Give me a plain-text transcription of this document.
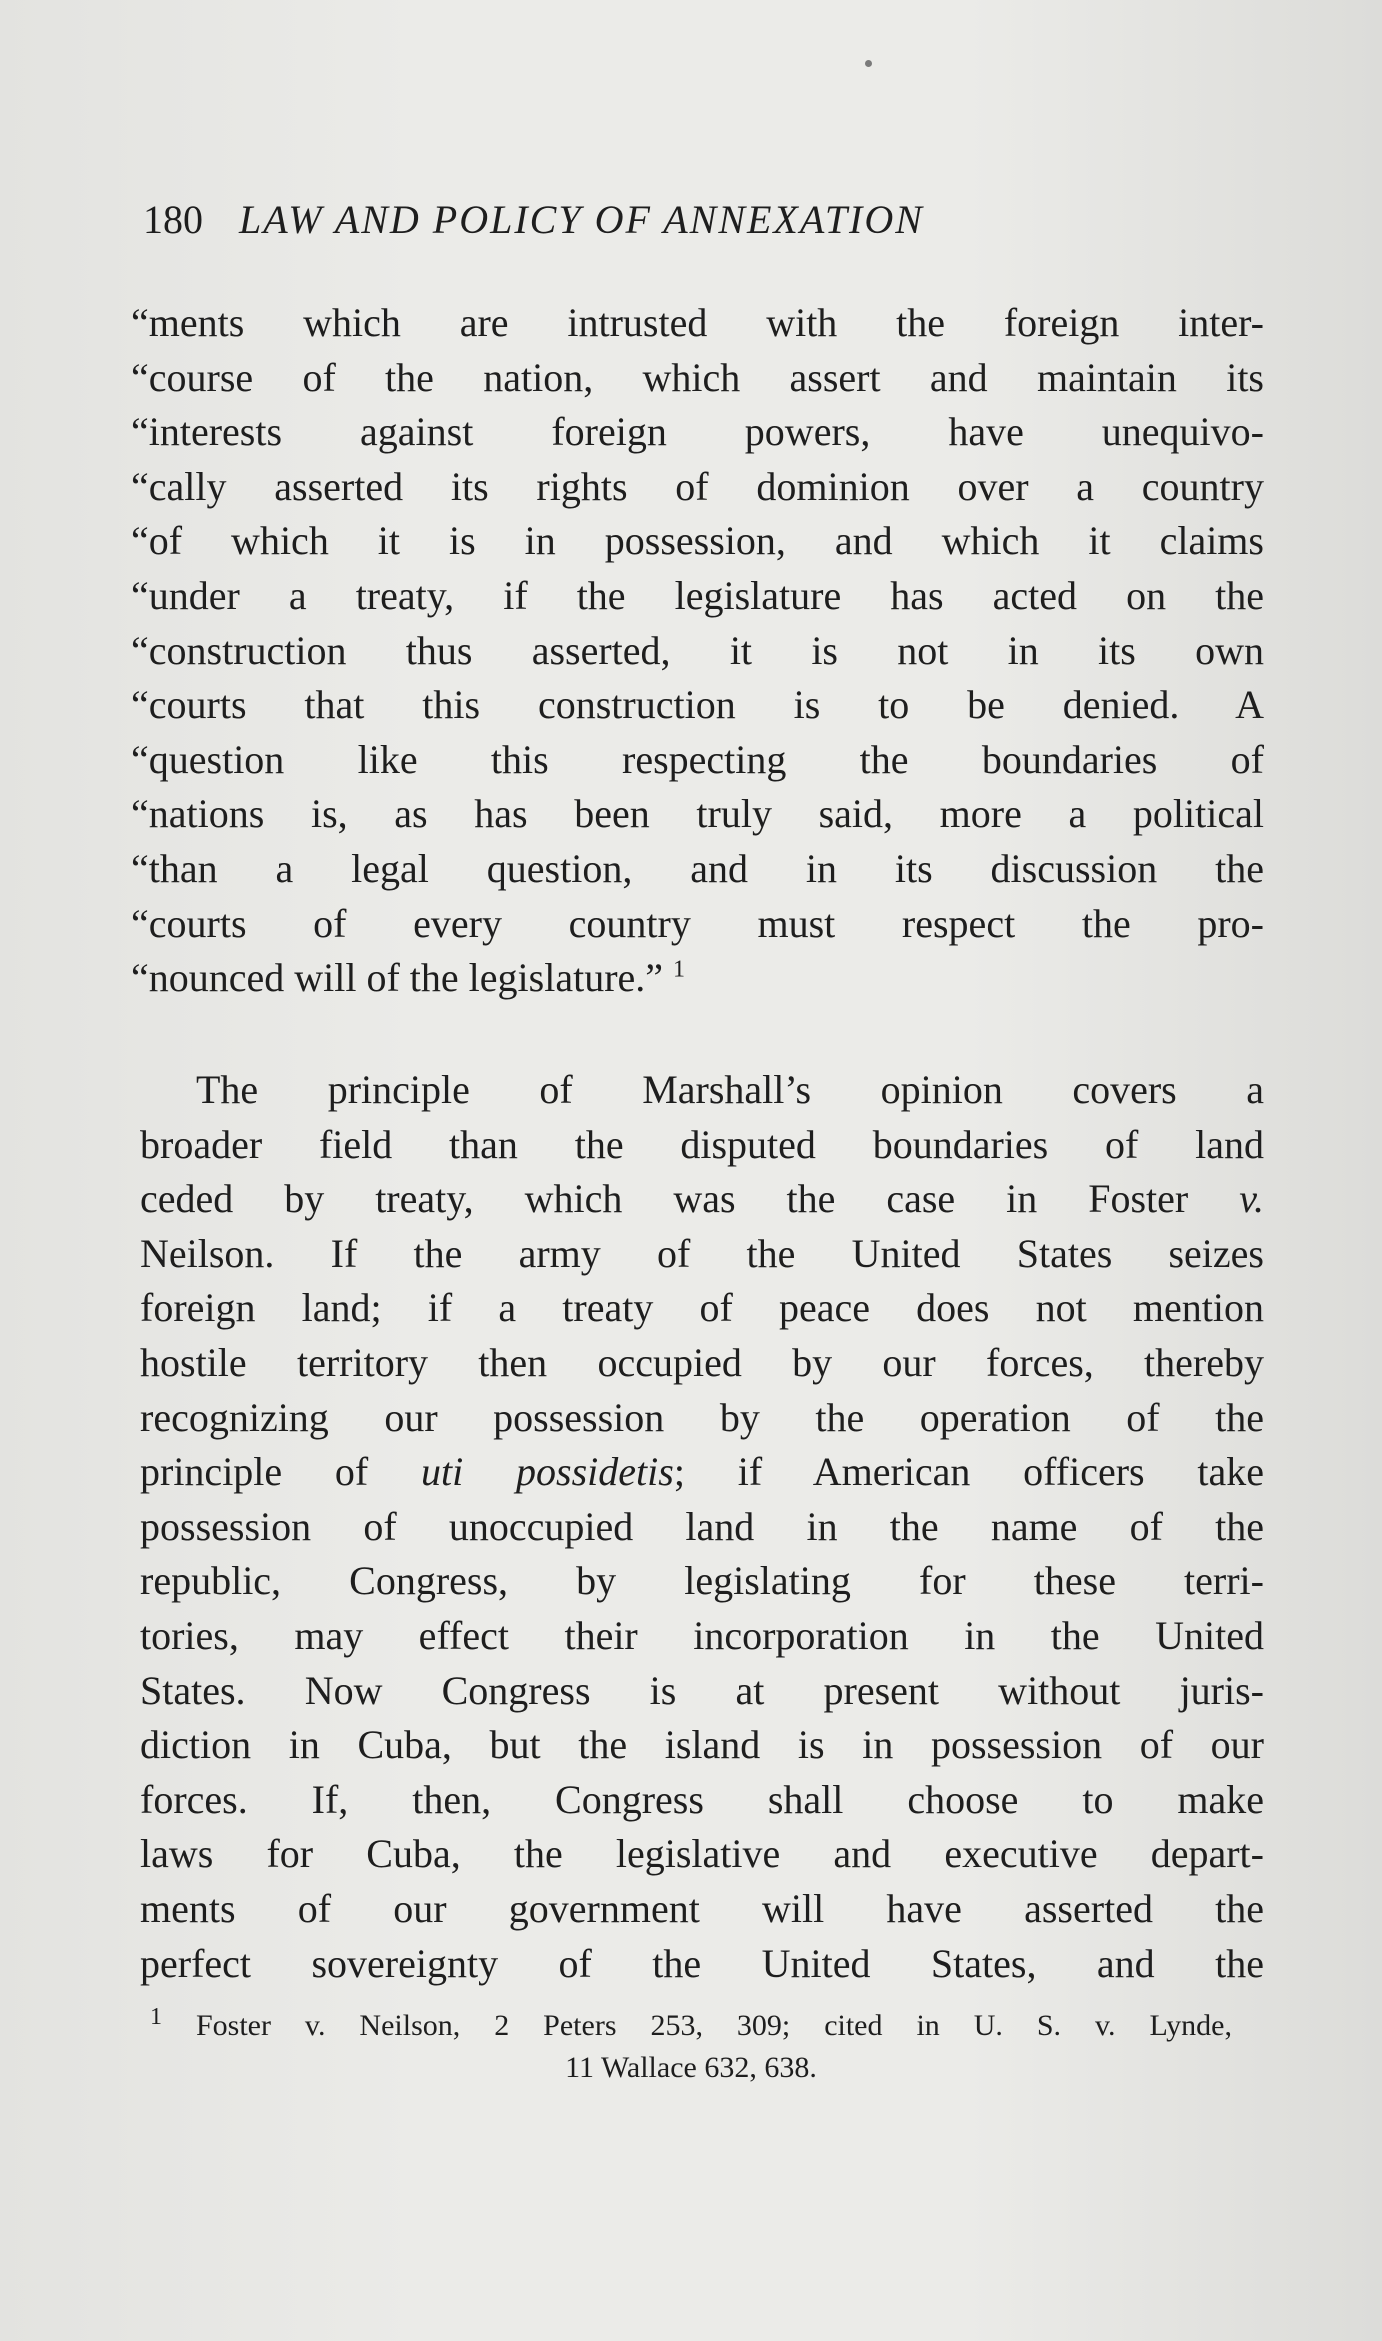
180 LAW AND POLICY OF ANNEXATION
“ments which are intrusted with the foreign inter-
“course of the nation, which assert and maintain its
“interests against foreign powers, have unequivo-
“cally asserted its rights of dominion over a country
“of which it is in possession, and which it claims
“under a treaty, if the legislature has acted on the
“construction thus asserted, it is not in its own
“courts that this construction is to be denied. A
“question like this respecting the boundaries of
“nations is, as has been truly said, more a political
“than a legal question, and in its discussion the
“courts of every country must respect the pro-
“nounced will of the legislature.” $^1$
The principle of Marshall’s opinion covers a
broader field than the disputed boundaries of land
ceded by treaty, which was the case in Foster v.
Neilson. If the army of the United States seizes
foreign land; if a treaty of peace does not mention
hostile territory then occupied by our forces, thereby
recognizing our possession by the operation of the
principle of uti possidetis; if American officers take
possession of unoccupied land in the name of the
republic, Congress, by legislating for these terri-
tories, may effect their incorporation in the United
States. Now Congress is at present without juris-
diction in Cuba, but the island is in possession of our
forces. If, then, Congress shall choose to make
laws for Cuba, the legislative and executive depart-
ments of our government will have asserted the
perfect sovereignty of the United States, and the
$^1$ Foster v. Neilson, 2 Peters 253, 309; cited in U. S. v. Lynde,
11 Wallace 632, 638.
